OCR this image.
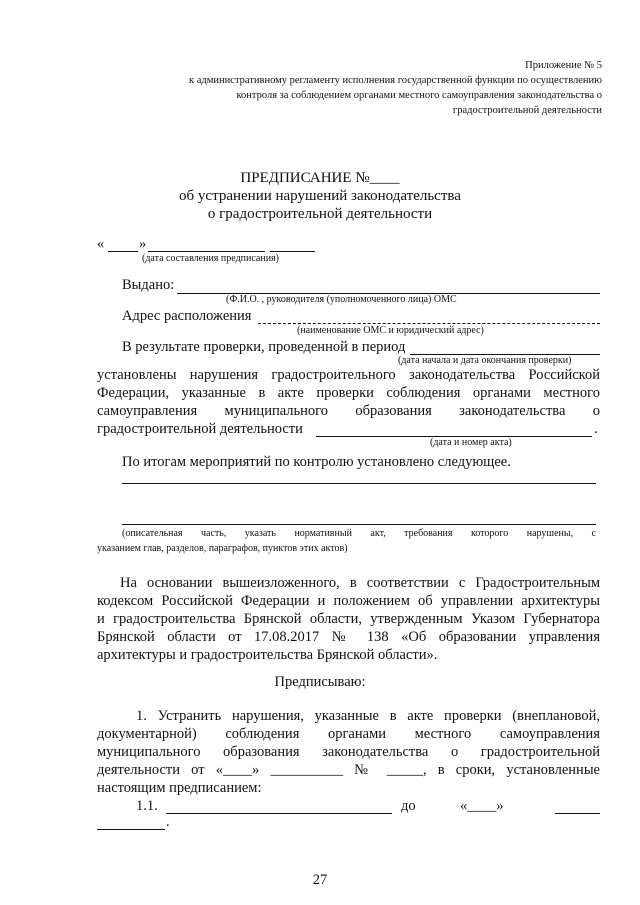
Приложение № 5
к административному регламенту исполнения государственной функции по осуществлению
контроля за соблюдением органами местного самоуправления законодательства о
градостроительной деятельности
ПРЕДПИСАНИЕ №____
об устранении нарушений законодательства
о градостроительной деятельности
« »
(дата составления предписания)
Выдано:
(Ф.И.О. , руководителя (уполномоченного лица) ОМС
Адрес расположения
(наименование ОМС и юридический адрес)
В результате проверки, проведенной в период
(дата начала и дата окончания проверки)
установлены нарушения градостроительного законодательства Российской
Федерации, указанные в акте проверки соблюдения органами местного
самоуправления муниципального образования законодательства о
градостроительной деятельности	.
(дата и номер акта)
По итогам мероприятий по контролю установлено следующее.
(описательная часть, указать нормативный акт, требования которого нарушены, с
указанием глав, разделов, параграфов, пунктов этих актов)
На основании вышеизложенного, в соответствии с Градостроительным
кодексом Российской Федерации и положением об управлении архитектуры
и градостроительства Брянской области, утвержденным Указом Губернатора
Брянской области от 17.08.2017 № 138 «Об образовании управления
архитектуры и градостроительства Брянской области».
Предписываю:
1. Устранить нарушения, указанные в акте проверки (внеплановой,
документарной) соблюдения органами местного самоуправления
муниципального образования законодательства о градостроительной
деятельности от «____» __________ № _____, в сроки, установленные
настоящим предписанием:
1.1.	до	«____»
.
27
